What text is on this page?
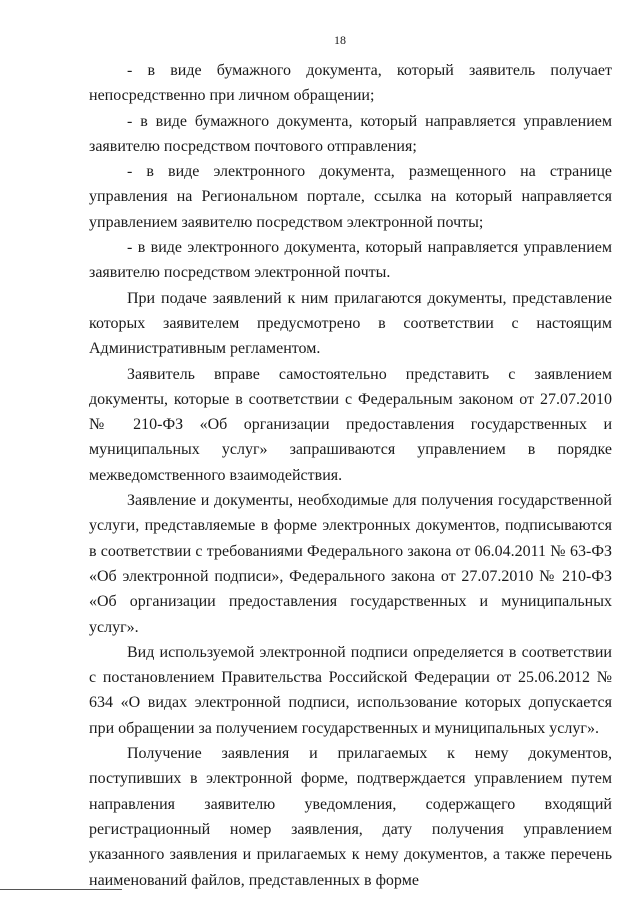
18

- в виде бумажного документа, который заявитель получает непосредственно при личном обращении;

- в виде бумажного документа, который направляется управлением заявителю посредством почтового отправления;

- в виде электронного документа, размещенного на странице управления на Региональном портале, ссылка на который направляется управлением заявителю посредством электронной почты;

- в виде электронного документа, который направляется управлением заявителю посредством электронной почты.

При подаче заявлений к ним прилагаются документы, представление которых заявителем предусмотрено в соответствии с настоящим Административным регламентом.

Заявитель вправе самостоятельно представить с заявлением документы, которые в соответствии с Федеральным законом от 27.07.2010 № 210-ФЗ «Об организации предоставления государственных и муниципальных услуг» запрашиваются управлением в порядке межведомственного взаимодействия.

Заявление и документы, необходимые для получения государственной услуги, представляемые в форме электронных документов, подписываются в соответствии с требованиями Федерального закона от 06.04.2011 № 63-ФЗ «Об электронной подписи», Федерального закона от 27.07.2010 № 210-ФЗ «Об организации предоставления государственных и муниципальных услуг».

Вид используемой электронной подписи определяется в соответствии с постановлением Правительства Российской Федерации от 25.06.2012 № 634 «О видах электронной подписи, использование которых допускается при обращении за получением государственных и муниципальных услуг».

Получение заявления и прилагаемых к нему документов, поступивших в электронной форме, подтверждается управлением путем направления заявителю уведомления, содержащего входящий регистрационный номер заявления, дату получения управлением указанного заявления и прилагаемых к нему документов, а также перечень наименований файлов, представленных в форме
